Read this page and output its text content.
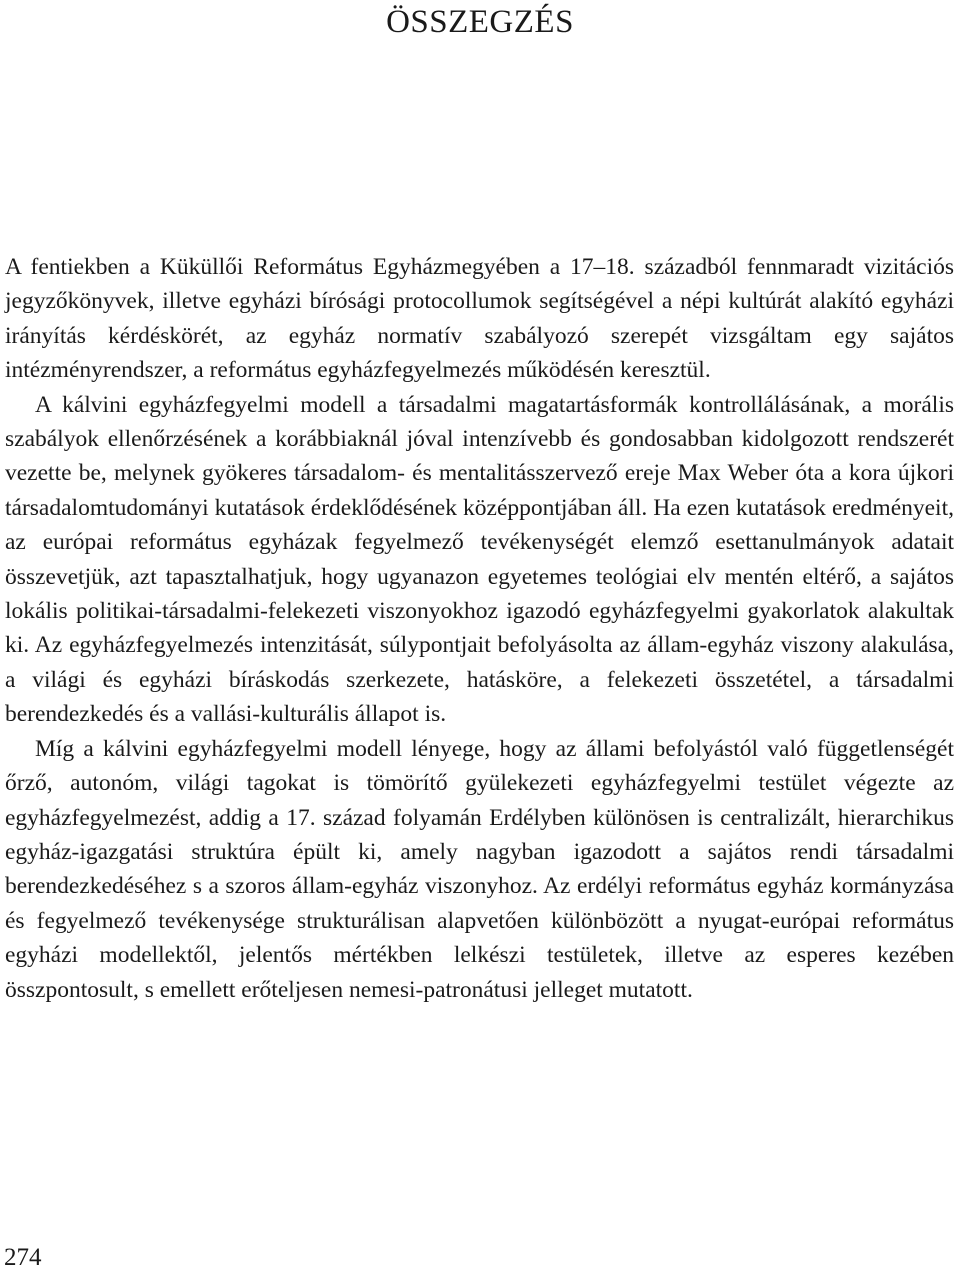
ÖSSZEGZÉS

A fentiekben a Küküllői Református Egyházmegyében a 17–18. századból fennmaradt vizitációs jegyzőkönyvek, illetve egyházi bírósági protocollumok segítségével a népi kultúrát alakító egyházi irányítás kérdéskörét, az egyház normatív szabályozó szerepét vizsgáltam egy sajátos intézményrendszer, a református egyházfegyelmezés működésén keresztül.

A kálvini egyházfegyelmi modell a társadalmi magatartásformák kontrollálásának, a morális szabályok ellenőrzésének a korábbiaknál jóval intenzívebb és gondosabban kidolgozott rendszerét vezette be, melynek gyökeres társadalom- és mentalitásszervező ereje Max Weber óta a kora újkori társadalomtudományi kutatások érdeklődésének középpontjában áll. Ha ezen kutatások eredményeit, az európai református egyházak fegyelmező tevékenységét elemző esettanulmányok adatait összevetjük, azt tapasztalhatjuk, hogy ugyanazon egyetemes teológiai elv mentén eltérő, a sajátos lokális politikai-társadalmi-felekezeti viszonyokhoz igazodó egyházfegyelmi gyakorlatok alakultak ki. Az egyházfegyelmezés intenzitását, súlypontjait befolyásolta az állam-egyház viszony alakulása, a világi és egyházi bíráskodás szerkezete, hatásköre, a felekezeti összetétel, a társadalmi berendezkedés és a vallási-kulturális állapot is.

Míg a kálvini egyházfegyelmi modell lényege, hogy az állami befolyástól való függetlenségét őrző, autonóm, világi tagokat is tömörítő gyülekezeti egyházfegyelmi testület végezte az egyházfegyelmezést, addig a 17. század folyamán Erdélyben különösen is centralizált, hierarchikus egyház-igazgatási struktúra épült ki, amely nagyban igazodott a sajátos rendi társadalmi berendezkedéséhez s a szoros állam-egyház viszonyhoz. Az erdélyi református egyház kormányzása és fegyelmező tevékenysége strukturálisan alapvetően különbözött a nyugat-európai református egyházi modellektől, jelentős mértékben lelkészi testületek, illetve az esperes kezében összpontosult, s emellett erőteljesen nemesi-patronátusi jelleget mutatott.

274
